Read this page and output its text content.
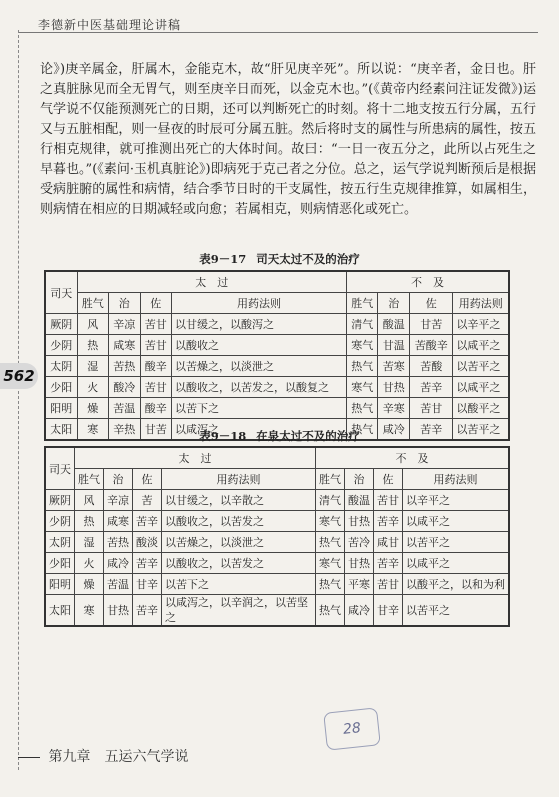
李德新中医基础理论讲稿

论》)庚辛属金，肝属木，金能克木，故“肝见庚辛死”。所以说：“庚辛者，金日也。肝之真脏脉见而全无胃气，则至庚辛日而死，以金克木也。”(《黄帝内经素问注证发微》)运气学说不仅能预测死亡的日期，还可以判断死亡的时刻。将十二地支按五行分属，五行又与五脏相配，则一昼夜的时辰可分属五脏。然后将时支的属性与所患病的属性，按五行相克规律，就可推测出死亡的大体时间。故曰：“一日一夜五分之，此所以占死生之早暮也。”(《素问·玉机真脏论》)即病死于克己者之分位。总之，运气学说判断预后是根据受病脏腑的属性和病情，结合季节日时的干支属性，按五行生克规律推算，如属相生，则病情在相应的日期减轻或向愈；若属相克，则病情恶化或死亡。

表9－17 司天太过不及的治疗
司天	太　过				不　及			
	胜气	治	佐	用药法则	胜气	治	佐	用药法则
厥阴	风	辛凉	苦甘	以甘缓之，以酸泻之	清气	酸温	甘苦	以辛平之
少阴	热	咸寒	苦甘	以酸收之	寒气	甘温	苦酸辛	以咸平之
太阴	湿	苦热	酸辛	以苦燥之，以淡泄之	热气	苦寒	苦酸	以苦平之
少阳	火	酸冷	苦甘	以酸收之，以苦发之，以酸复之	寒气	甘热	苦辛	以咸平之
阳明	燥	苦温	酸辛	以苦下之	热气	辛寒	苦甘	以酸平之
太阳	寒	辛热	甘苦	以咸泻之	热气	咸冷	苦辛	以苦平之
562
表9－18 在泉太过不及的治疗
司天	太　过				不　及			
	胜气	治	佐	用药法则	胜气	治	佐	用药法则
厥阴	风	辛凉	苦	以甘缓之，以辛散之	清气	酸温	苦甘	以辛平之
少阴	热	咸寒	苦辛	以酸收之，以苦发之	寒气	甘热	苦辛	以咸平之
太阴	湿	苦热	酸淡	以苦燥之，以淡泄之	热气	苦冷	咸甘	以苦平之
少阳	火	咸冷	苦辛	以酸收之，以苦发之	寒气	甘热	苦辛	以咸平之
阳明	燥	苦温	甘辛	以苦下之	热气	平寒	苦甘	以酸平之，以和为利
太阳	寒	甘热	苦辛	以咸泻之，以辛润之，以苦坚之	热气	咸冷	甘辛	以苦平之
28
第九章　五运六气学说
